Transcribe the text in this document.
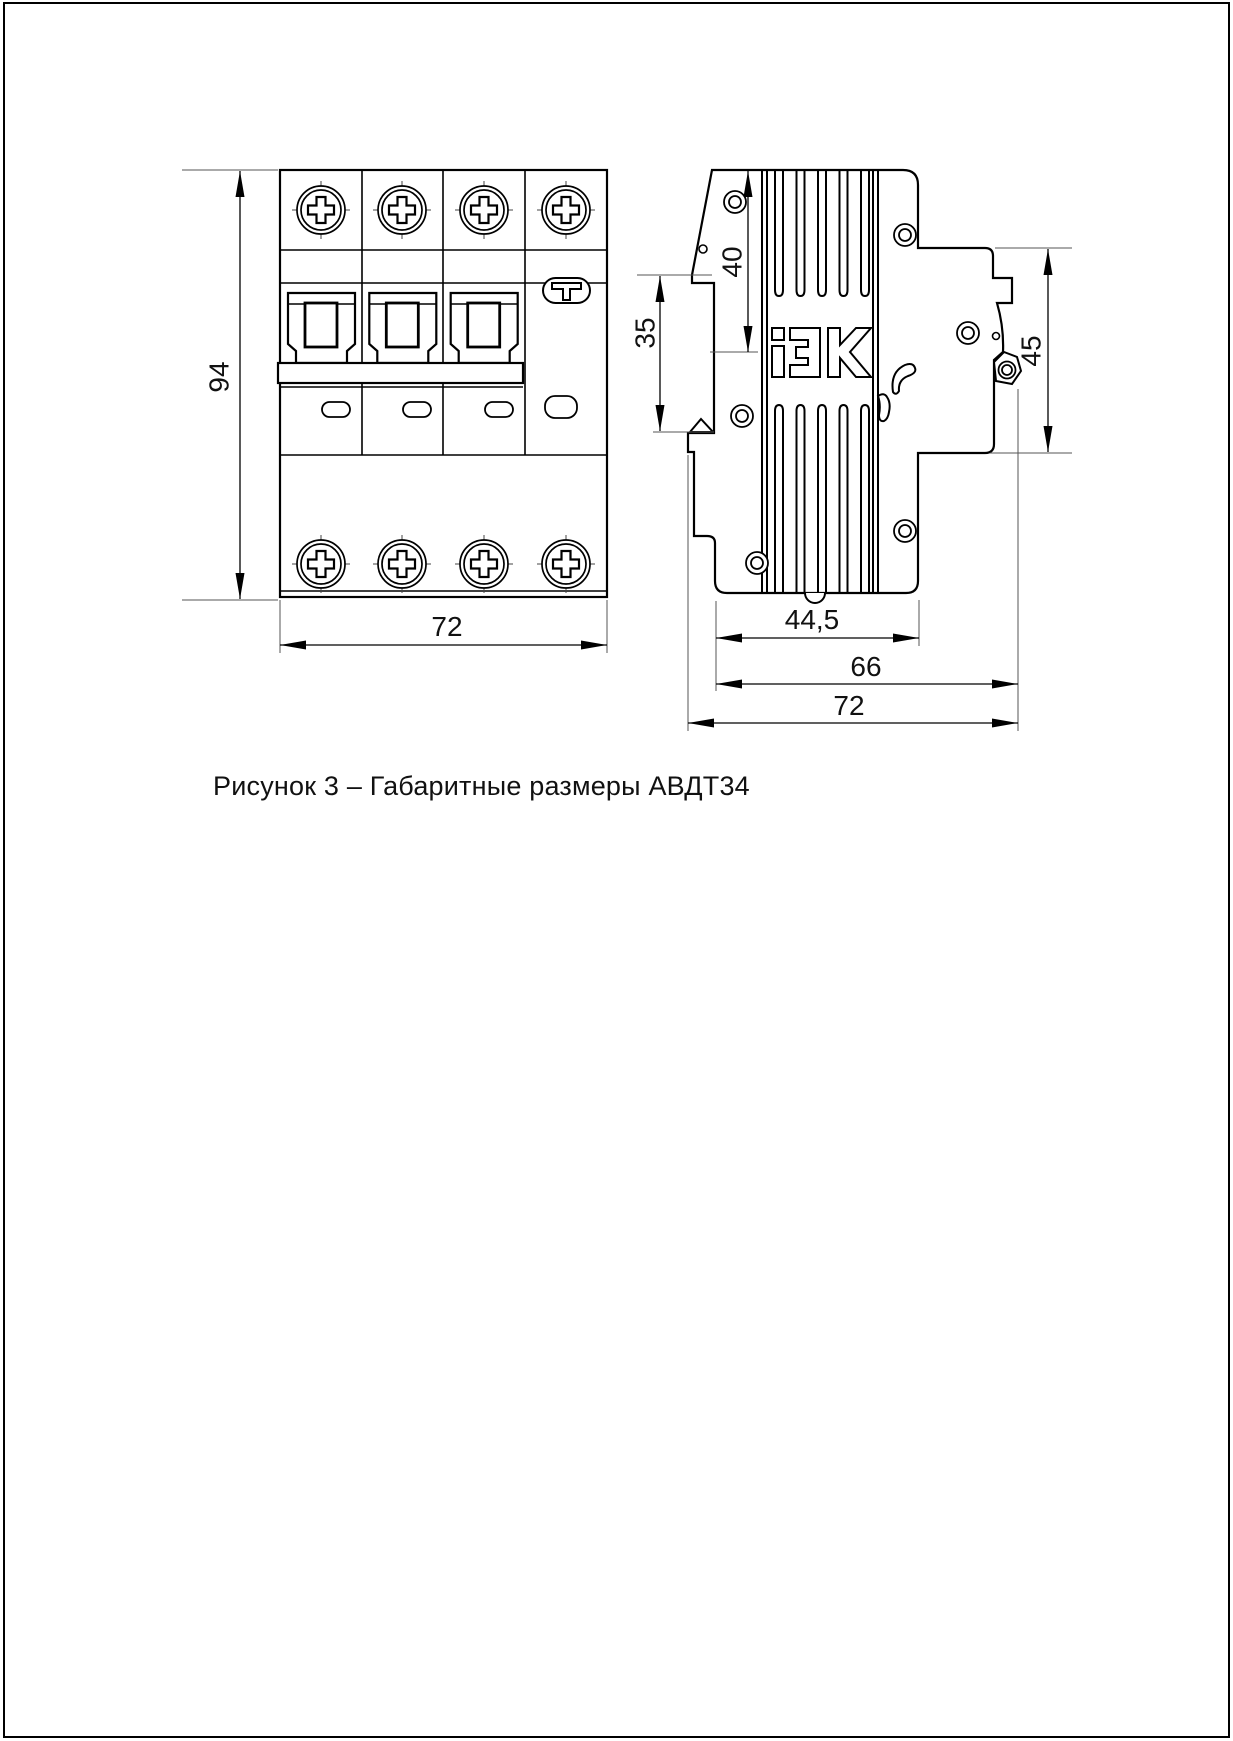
94
72
40
35
45
44,5
66
72
Рисунок 3 – Габаритные размеры АВДТ34
